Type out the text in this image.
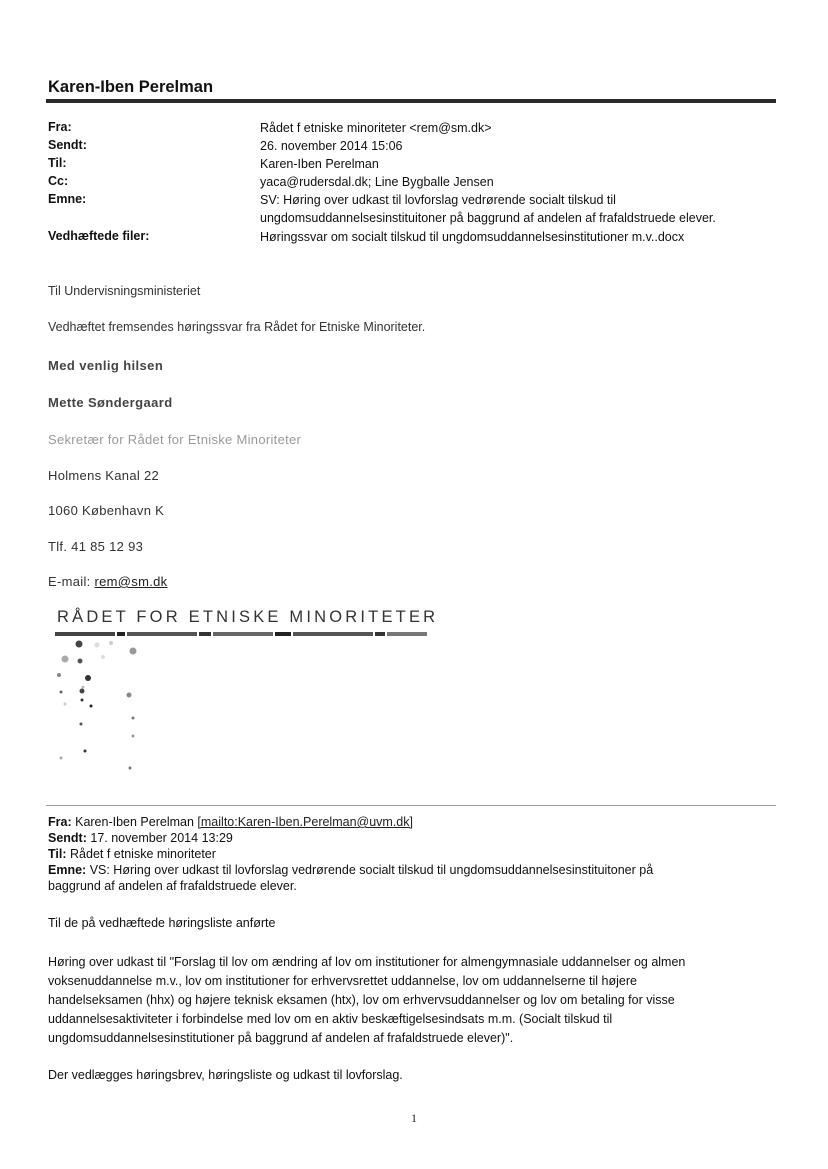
Karen-Iben Perelman
Fra:	Rådet f etniske minoriteter <rem@sm.dk>
Sendt:	26. november 2014 15:06
Til:	Karen-Iben Perelman
Cc:	yaca@rudersdal.dk; Line Bygballe Jensen
Emne:	SV: Høring over udkast til lovforslag vedrørende socialt tilskud til
ungdomsuddannelsesinstituitoner på baggrund af andelen af frafaldstruede elever.
Vedhæftede filer:	Høringssvar om socialt tilskud til ungdomsuddannelsesinstitutioner m.v..docx
Til Undervisningsministeriet
Vedhæftet fremsendes høringssvar fra Rådet for Etniske Minoriteter.
Med venlig hilsen
Mette Søndergaard
Sekretær for Rådet for Etniske Minoriteter
Holmens Kanal 22
1060 København K
Tlf. 41 85 12 93
E-mail: rem@sm.dk
RÅDET FOR ETNISKE MINORITETER
Fra: Karen-Iben Perelman [mailto:Karen-Iben.Perelman@uvm.dk]
Sendt: 17. november 2014 13:29
Til: Rådet f etniske minoriteter
Emne: VS: Høring over udkast til lovforslag vedrørende socialt tilskud til ungdomsuddannelsesinstituitoner på
baggrund af andelen af frafaldstruede elever.
Til de på vedhæftede høringsliste anførte
Høring over udkast til "Forslag til lov om ændring af lov om institutioner for almengymnasiale uddannelser og almen
voksenuddannelse m.v., lov om institutioner for erhvervsrettet uddannelse, lov om uddannelserne til højere
handelseksamen (hhx) og højere teknisk eksamen (htx), lov om erhvervsuddannelser og lov om betaling for visse
uddannelsesaktiviteter i forbindelse med lov om en aktiv beskæftigelsesindsats m.m. (Socialt tilskud til
ungdomsuddannelsesinstitutioner på baggrund af andelen af frafaldstruede elever)".
Der vedlægges høringsbrev, høringsliste og udkast til lovforslag.
1
